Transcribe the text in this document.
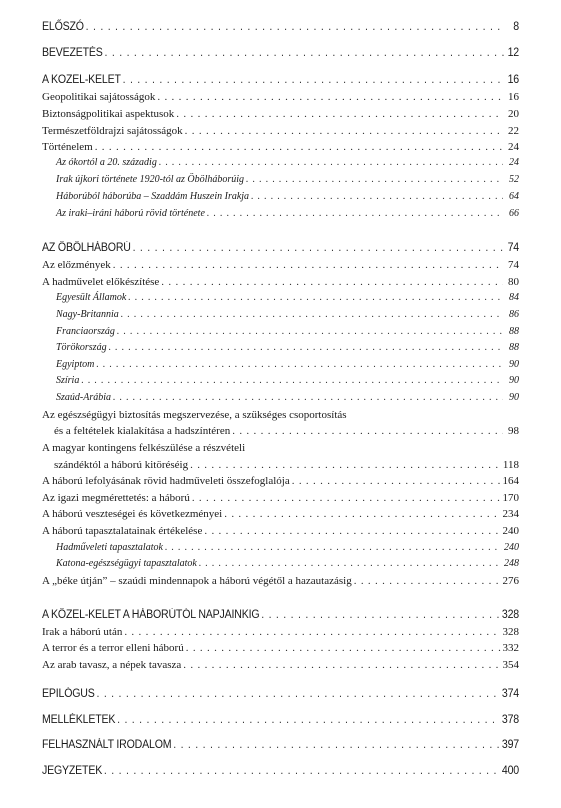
ELŐSZÓ . . .	8
BEVEZETÉS . . .	12
A KÖZEL-KELET . . .	16
Geopolitikai sajátosságok . . .	16
Biztonságpolitikai aspektusok . . .	20
Természetföldrajzi sajátosságok . . .	22
Történelem . . .	24
Az ókortól a 20. századig . . .	24
Irak újkori története 1920-tól az Öbölháborúig . . .	52
Háborúból háborúba – Szaddám Huszein Irakja . . .	64
Az iraki–iráni háború rövid története . . .	66
AZ ÖBÖLHÁBORÚ . . .	74
Az előzmények . . .	74
A hadművelet előkészítése . . .	80
Egyesült Államok . . .	84
Nagy-Britannia . . .	86
Franciaország . . .	88
Törökország . . .	88
Egyiptom . . .	90
Szíria . . .	90
Szaúd-Arábia . . .	90
Az egészségügyi biztosítás megszervezése, a szükséges csoportosítás
és a feltételek kialakítása a hadszíntéren . . .	98
A magyar kontingens felkészülése a részvételi
szándéktól a háború kitöréséig . . .	118
A háború lefolyásának rövid hadműveleti összefoglalója . . .	164
Az igazi megmérettetés: a háború . . .	170
A háború veszteségei és következményei . . .	234
A háború tapasztalatainak értékelése . . .	240
Hadműveleti tapasztalatok . . .	240
Katona-egészségügyi tapasztalatok . . .	248
A „béke útján” – szaúdi mindennapok a háború végétől a hazautazásig . . .	276
A KÖZEL-KELET A HÁBORÚTÓL NAPJAINKIG . . .	328
Irak a háború után . . .	328
A terror és a terror elleni háború . . .	332
Az arab tavasz, a népek tavasza . . .	354
EPILÓGUS . . .	374
MELLÉKLETEK . . .	378
FELHASZNÁLT IRODALOM . . .	397
JEGYZETEK . . .	400
